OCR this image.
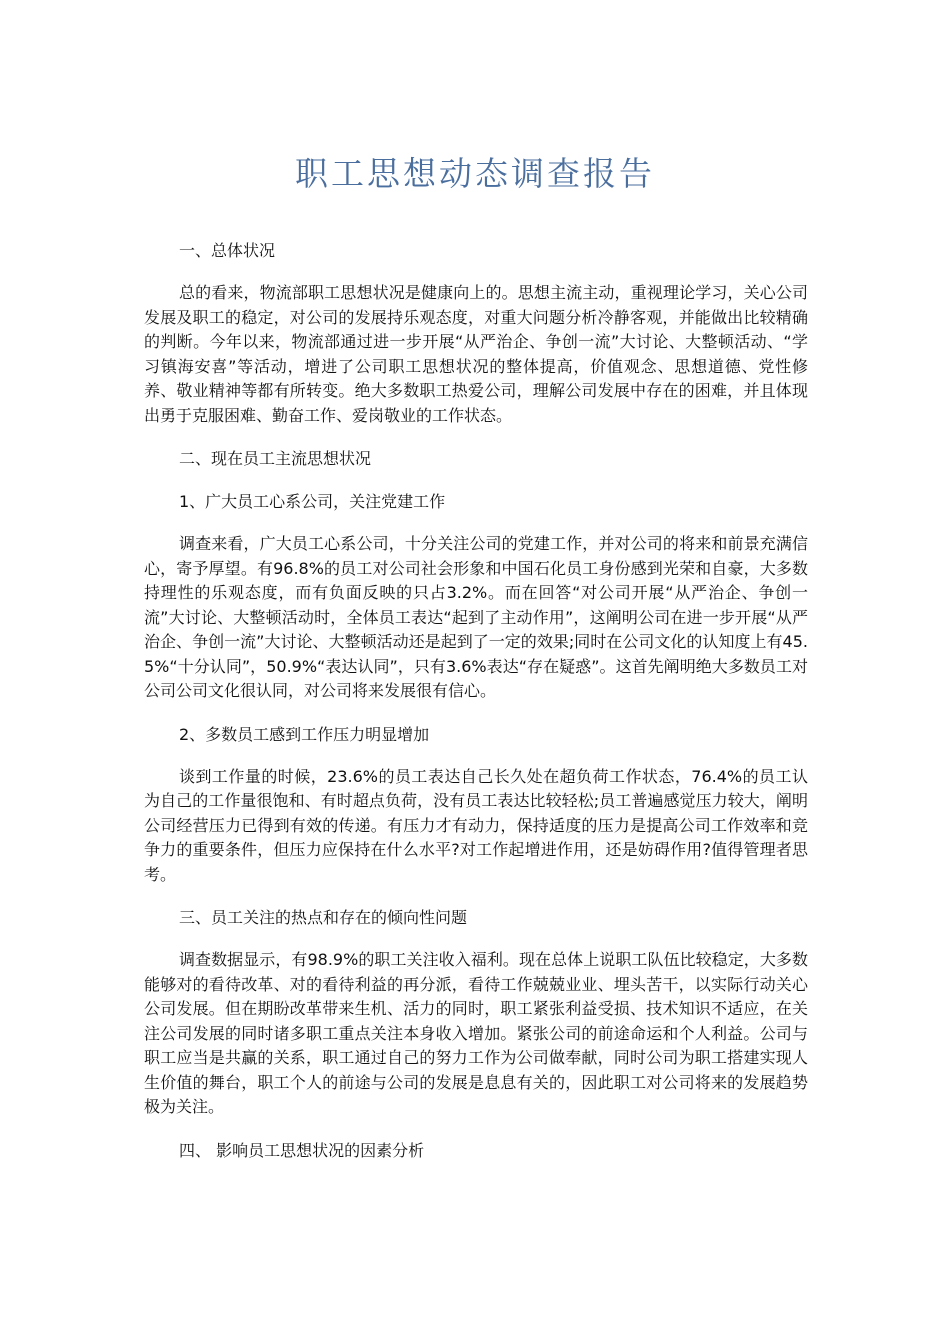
职工思想动态调查报告
一、总体状况

总的看来，物流部职工思想状况是健康向上的。思想主流主动，重视理论学习，关心公司发展及职工的稳定，对公司的发展持乐观态度，对重大问题分析冷静客观，并能做出比较精确的判断。今年以来，物流部通过进一步开展“从严治企、争创一流”大讨论、大整顿活动、“学习镇海安喜”等活动，增进了公司职工思想状况的整体提高，价值观念、思想道德、党性修养、敬业精神等都有所转变。绝大多数职工热爱公司，理解公司发展中存在的困难，并且体现出勇于克服困难、勤奋工作、爱岗敬业的工作状态。

二、现在员工主流思想状况
1、广大员工心系公司，关注党建工作

调查来看，广大员工心系公司，十分关注公司的党建工作，并对公司的将来和前景充满信心，寄予厚望。有96.8%的员工对公司社会形象和中国石化员工身份感到光荣和自豪，大多数持理性的乐观态度，而有负面反映的只占3.2%。而在回答“对公司开展“从严治企、争创一流”大讨论、大整顿活动时，全体员工表达“起到了主动作用”，这阐明公司在进一步开展“从严治企、争创一流”大讨论、大整顿活动还是起到了一定的效果;同时在公司文化的认知度上有45.5%“十分认同”，50.9%“表达认同”，只有3.6%表达“存在疑惑”。这首先阐明绝大多数员工对公司公司文化很认同，对公司将来发展很有信心。

2、多数员工感到工作压力明显增加

谈到工作量的时候，23.6%的员工表达自己长久处在超负荷工作状态，76.4%的员工认为自己的工作量很饱和、有时超点负荷，没有员工表达比较轻松;员工普遍感觉压力较大，阐明公司经营压力已得到有效的传递。有压力才有动力，保持适度的压力是提高公司工作效率和竞争力的重要条件，但压力应保持在什么水平?对工作起增进作用，还是妨碍作用?值得管理者思考。

三、员工关注的热点和存在的倾向性问题

调查数据显示，有98.9%的职工关注收入福利。现在总体上说职工队伍比较稳定，大多数能够对的看待改革、对的看待利益的再分派，看待工作兢兢业业、埋头苦干，以实际行动关心公司发展。但在期盼改革带来生机、活力的同时，职工紧张利益受损、技术知识不适应，在关注公司发展的同时诸多职工重点关注本身收入增加。紧张公司的前途命运和个人利益。公司与职工应当是共赢的关系，职工通过自己的努力工作为公司做奉献，同时公司为职工搭建实现人生价值的舞台，职工个人的前途与公司的发展是息息有关的，因此职工对公司将来的发展趋势极为关注。

四、 影响员工思想状况的因素分析
